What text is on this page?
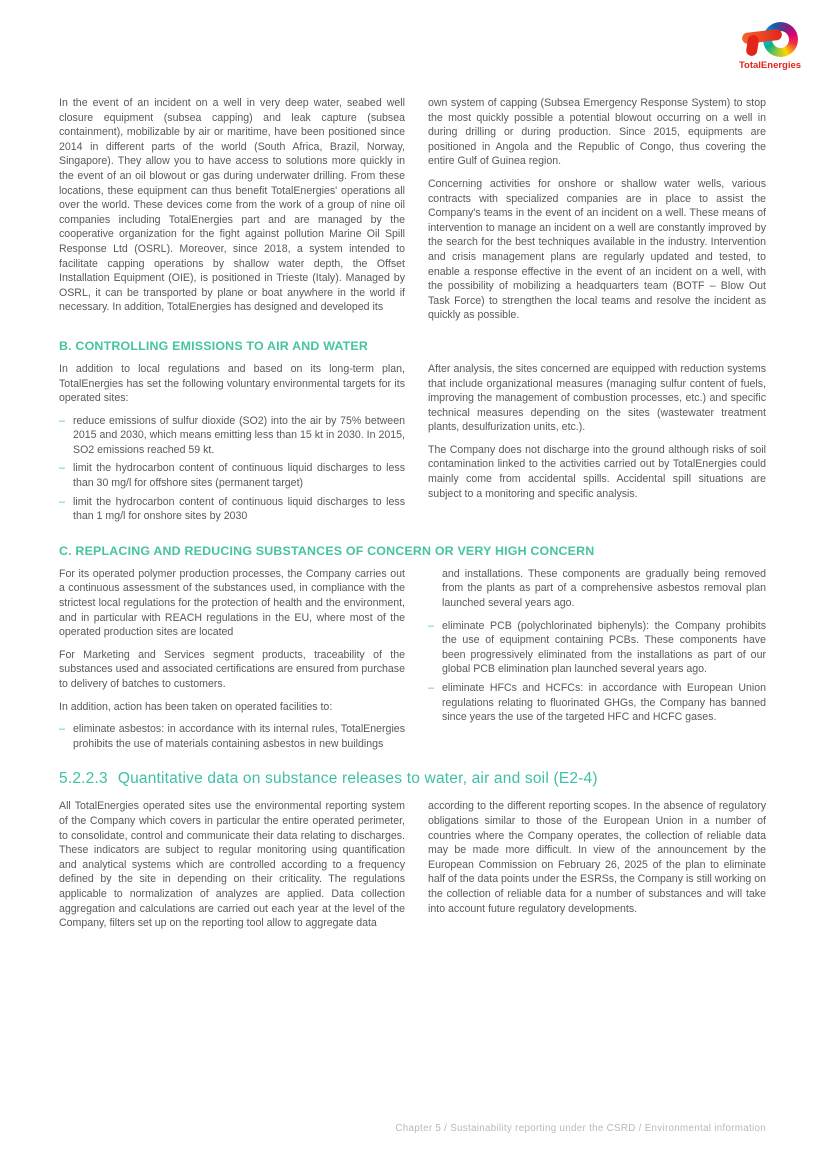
TotalEnergies

In the event of an incident on a well in very deep water, seabed well closure equipment (subsea capping) and leak capture (subsea containment), mobilizable by air or maritime, have been positioned since 2014 in different parts of the world (South Africa, Brazil, Norway, Singapore). They allow you to have access to solutions more quickly in the event of an oil blowout or gas during underwater drilling. From these locations, these equipment can thus benefit TotalEnergies' operations all over the world. These devices come from the work of a group of nine oil companies including TotalEnergies part and are managed by the cooperative organization for the fight against pollution Marine Oil Spill Response Ltd (OSRL). Moreover, since 2018, a system intended to facilitate capping operations by shallow water depth, the Offset Installation Equipment (OIE), is positioned in Trieste (Italy). Managed by OSRL, it can be transported by plane or boat anywhere in the world if necessary. In addition, TotalEnergies has designed and developed its

own system of capping (Subsea Emergency Response System) to stop the most quickly possible a potential blowout occurring on a well in during drilling or during production. Since 2015, equipments are positioned in Angola and the Republic of Congo, thus covering the entire Gulf of Guinea region.

Concerning activities for onshore or shallow water wells, various contracts with specialized companies are in place to assist the Company's teams in the event of an incident on a well. These means of intervention to manage an incident on a well are constantly improved by the search for the best techniques available in the industry. Intervention and crisis management plans are regularly updated and tested, to enable a response effective in the event of an incident on a well, with the possibility of mobilizing a headquarters team (BOTF – Blow Out Task Force) to strengthen the local teams and resolve the incident as quickly as possible.

B. CONTROLLING EMISSIONS TO AIR AND WATER

In addition to local regulations and based on its long-term plan, TotalEnergies has set the following voluntary environmental targets for its operated sites:

– reduce emissions of sulfur dioxide (SO2) into the air by 75% between 2015 and 2030, which means emitting less than 15 kt in 2030. In 2015, SO2 emissions reached 59 kt.
– limit the hydrocarbon content of continuous liquid discharges to less than 30 mg/l for offshore sites (permanent target)
– limit the hydrocarbon content of continuous liquid discharges to less than 1 mg/l for onshore sites by 2030

After analysis, the sites concerned are equipped with reduction systems that include organizational measures (managing sulfur content of fuels, improving the management of combustion processes, etc.) and specific technical measures depending on the sites (wastewater treatment plants, desulfurization units, etc.).

The Company does not discharge into the ground although risks of soil contamination linked to the activities carried out by TotalEnergies could mainly come from accidental spills. Accidental spill situations are subject to a monitoring and specific analysis.

C. REPLACING AND REDUCING SUBSTANCES OF CONCERN OR VERY HIGH CONCERN

For its operated polymer production processes, the Company carries out a continuous assessment of the substances used, in compliance with the strictest local regulations for the protection of health and the environment, and in particular with REACH regulations in the EU, where most of the operated production sites are located

For Marketing and Services segment products, traceability of the substances used and associated certifications are ensured from purchase to delivery of batches to customers.

In addition, action has been taken on operated facilities to:

– eliminate asbestos: in accordance with its internal rules, TotalEnergies prohibits the use of materials containing asbestos in new buildings

and installations. These components are gradually being removed from the plants as part of a comprehensive asbestos removal plan launched several years ago.

– eliminate PCB (polychlorinated biphenyls): the Company prohibits the use of equipment containing PCBs. These components have been progressively eliminated from the installations as part of our global PCB elimination plan launched several years ago.
– eliminate HFCs and HCFCs: in accordance with European Union regulations relating to fluorinated GHGs, the Company has banned since years the use of the targeted HFC and HCFC gases.
5.2.2.3 Quantitative data on substance releases to water, air and soil (E2-4)

All TotalEnergies operated sites use the environmental reporting system of the Company which covers in particular the entire operated perimeter, to consolidate, control and communicate their data relating to discharges. These indicators are subject to regular monitoring using quantification and analytical systems which are controlled according to a frequency defined by the site in depending on their criticality. The regulations applicable to normalization of analyzes are applied. Data collection aggregation and calculations are carried out each year at the level of the Company, filters set up on the reporting tool allow to aggregate data

according to the different reporting scopes. In the absence of regulatory obligations similar to those of the European Union in a number of countries where the Company operates, the collection of reliable data may be made more difficult. In view of the announcement by the European Commission on February 26, 2025 of the plan to eliminate half of the data points under the ESRSs, the Company is still working on the collection of reliable data for a number of substances and will take into account future regulatory developments.

Chapter 5 / Sustainability reporting under the CSRD / Environmental information
